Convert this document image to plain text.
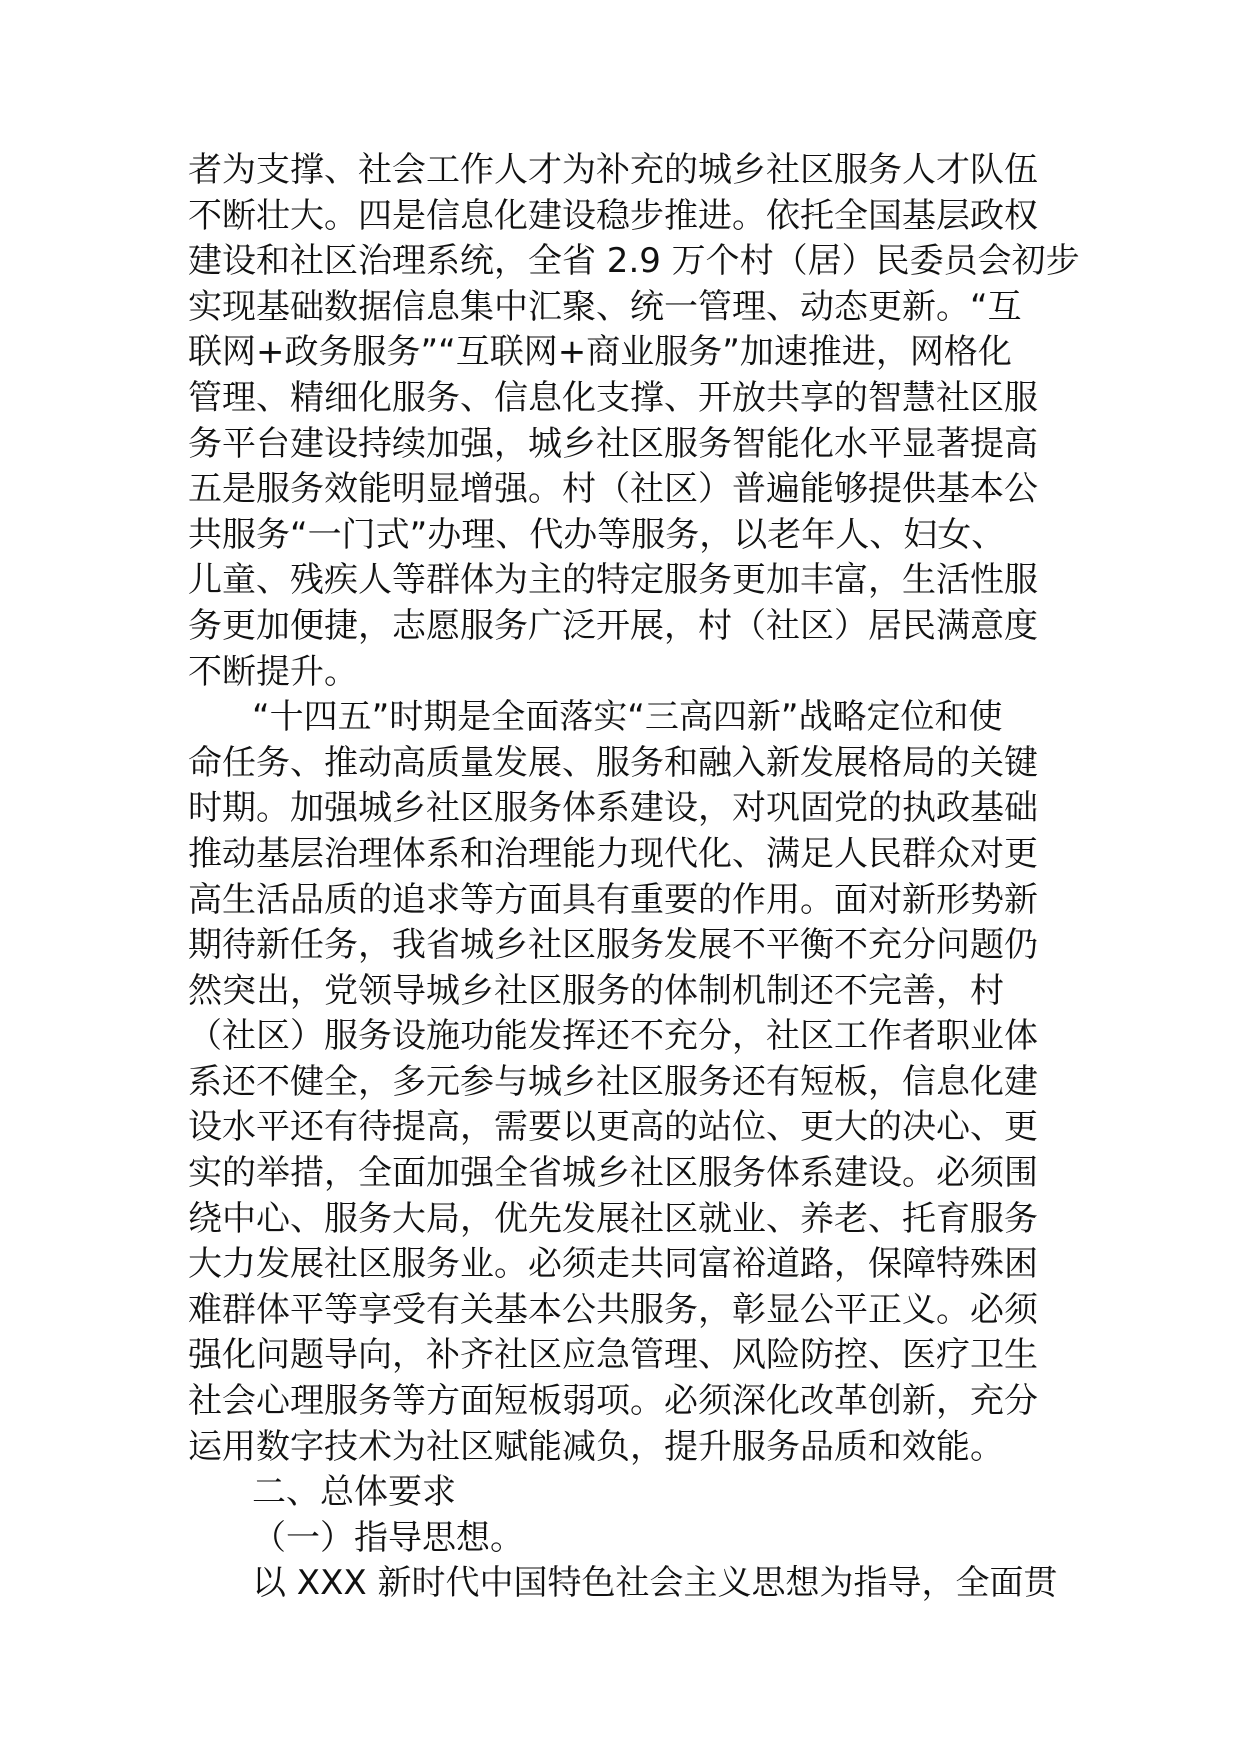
者为支撑、社会工作人才为补充的城乡社区服务人才队伍
不断壮大。四是信息化建设稳步推进。依托全国基层政权
建设和社区治理系统，全省 2.9 万个村（居）民委员会初步
实现基础数据信息集中汇聚、统一管理、动态更新。“互
联网+政务服务”“互联网+商业服务”加速推进，网格化
管理、精细化服务、信息化支撑、开放共享的智慧社区服
务平台建设持续加强，城乡社区服务智能化水平显著提高
五是服务效能明显增强。村（社区）普遍能够提供基本公
共服务“一门式”办理、代办等服务，以老年人、妇女、
儿童、残疾人等群体为主的特定服务更加丰富，生活性服
务更加便捷，志愿服务广泛开展，村（社区）居民满意度
不断提升。
“十四五”时期是全面落实“三高四新”战略定位和使
命任务、推动高质量发展、服务和融入新发展格局的关键
时期。加强城乡社区服务体系建设，对巩固党的执政基础
推动基层治理体系和治理能力现代化、满足人民群众对更
高生活品质的追求等方面具有重要的作用。面对新形势新
期待新任务，我省城乡社区服务发展不平衡不充分问题仍
然突出，党领导城乡社区服务的体制机制还不完善，村
（社区）服务设施功能发挥还不充分，社区工作者职业体
系还不健全，多元参与城乡社区服务还有短板，信息化建
设水平还有待提高，需要以更高的站位、更大的决心、更
实的举措，全面加强全省城乡社区服务体系建设。必须围
绕中心、服务大局，优先发展社区就业、养老、托育服务
大力发展社区服务业。必须走共同富裕道路，保障特殊困
难群体平等享受有关基本公共服务，彰显公平正义。必须
强化问题导向，补齐社区应急管理、风险防控、医疗卫生
社会心理服务等方面短板弱项。必须深化改革创新，充分
运用数字技术为社区赋能减负，提升服务品质和效能。
二、总体要求
（一）指导思想。
以 XXX 新时代中国特色社会主义思想为指导，全面贯
